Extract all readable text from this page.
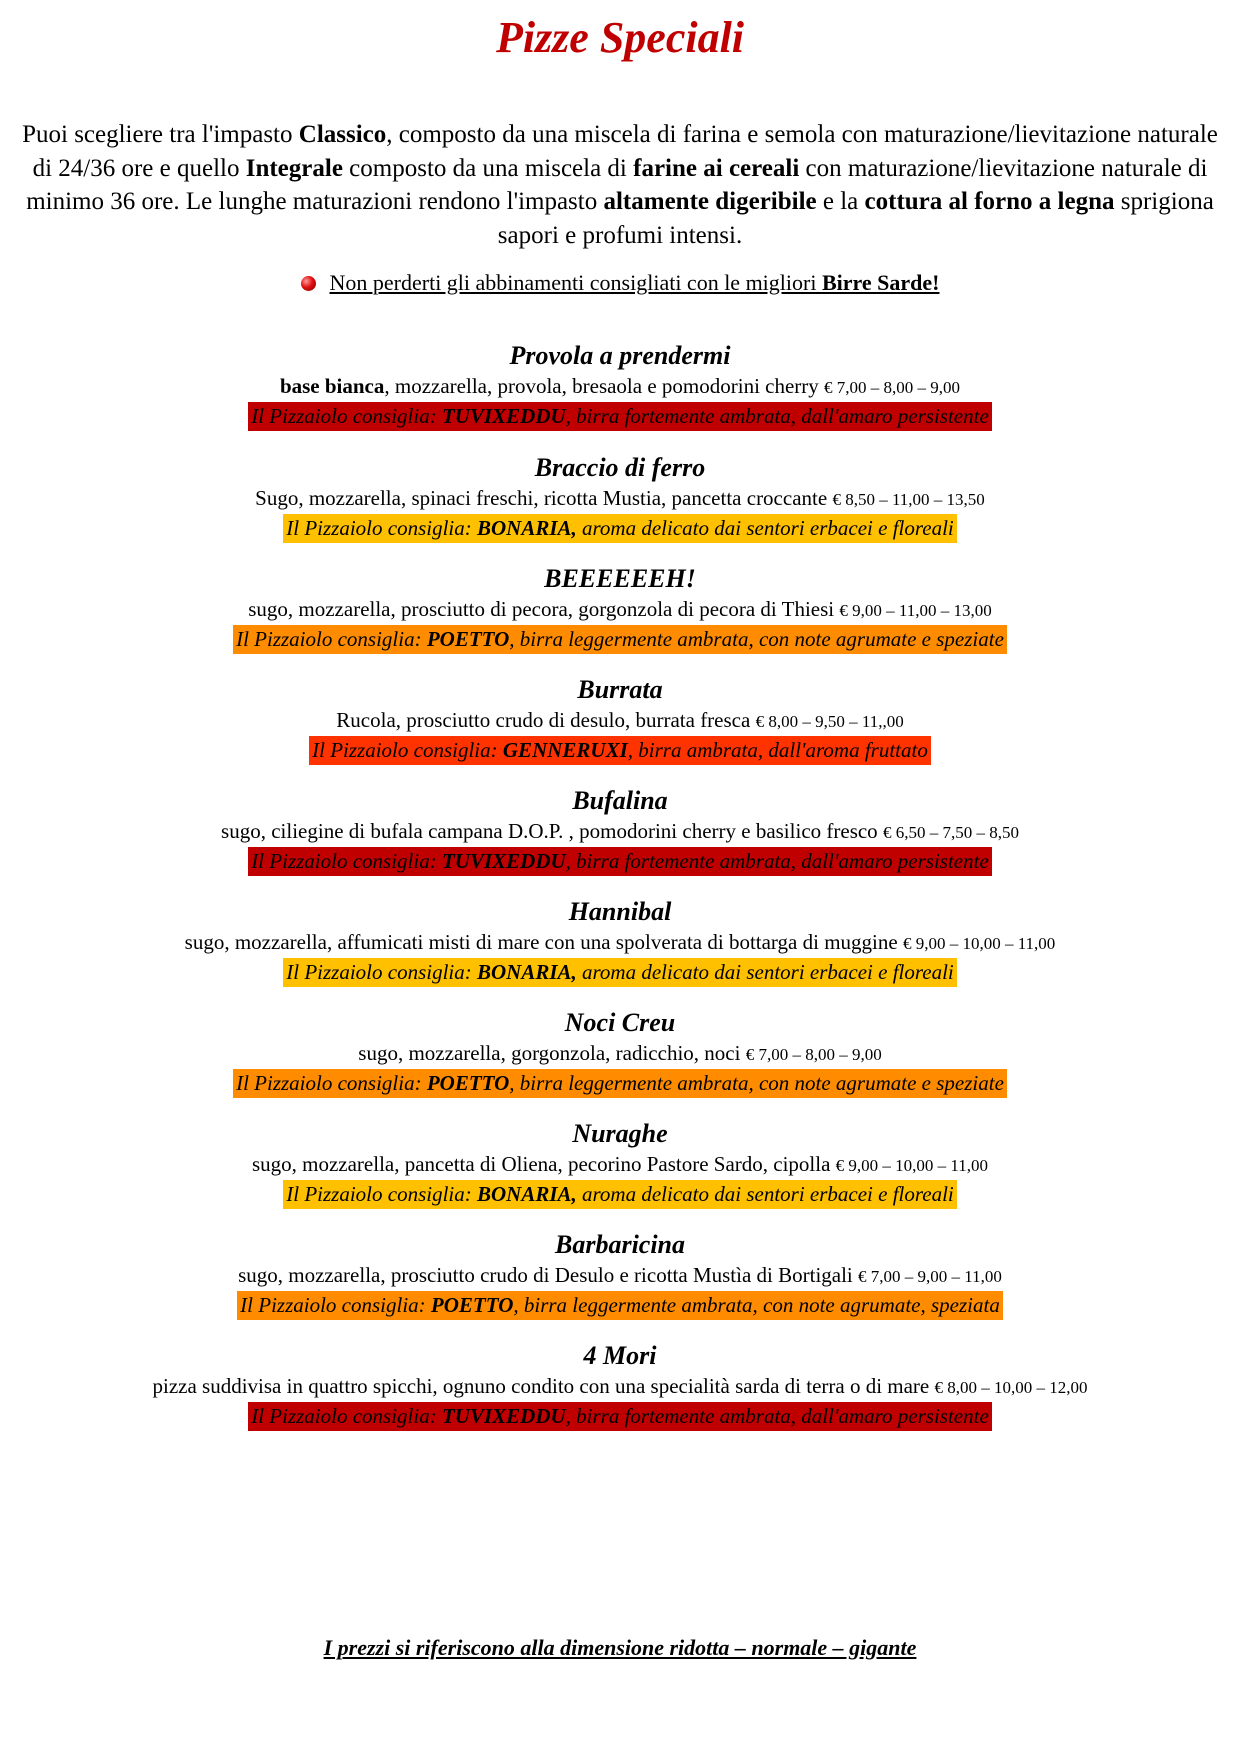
Pizze Speciali
Puoi scegliere tra l'impasto Classico, composto da una miscela di farina e semola con maturazione/lievitazione naturale di 24/36 ore e quello Integrale composto da una miscela di farine ai cereali con maturazione/lievitazione naturale di minimo 36 ore. Le lunghe maturazioni rendono l'impasto altamente digeribile e la cottura al forno a legna sprigiona sapori e profumi intensi.
Non perderti gli abbinamenti consigliati con le migliori Birre Sarde!
Provola a prendermi
base bianca, mozzarella, provola, bresaola e pomodorini cherry € 7,00 – 8,00 – 9,00
Il Pizzaiolo consiglia: TUVIXEDDU, birra fortemente ambrata, dall'amaro persistente
Braccio di ferro
Sugo, mozzarella, spinaci freschi, ricotta Mustia, pancetta croccante € 8,50 – 11,00 – 13,50
Il Pizzaiolo consiglia: BONARIA, aroma delicato dai sentori erbacei e floreali
BEEEEEEH!
sugo, mozzarella, prosciutto di pecora, gorgonzola di pecora di Thiesi € 9,00 – 11,00 – 13,00
Il Pizzaiolo consiglia: POETTO, birra leggermente ambrata, con note agrumate e speziate
Burrata
Rucola, prosciutto crudo di desulo, burrata fresca € 8,00 – 9,50 – 11,,00
Il Pizzaiolo consiglia: GENNERUXI, birra ambrata, dall'aroma fruttato
Bufalina
sugo, ciliegine di bufala campana D.O.P. , pomodorini cherry e basilico fresco € 6,50 – 7,50 – 8,50
Il Pizzaiolo consiglia: TUVIXEDDU, birra fortemente ambrata, dall'amaro persistente
Hannibal
sugo, mozzarella, affumicati misti di mare con una spolverata di bottarga di muggine € 9,00 – 10,00 – 11,00
Il Pizzaiolo consiglia: BONARIA, aroma delicato dai sentori erbacei e floreali
Noci Creu
sugo, mozzarella, gorgonzola, radicchio, noci € 7,00 – 8,00 – 9,00
Il Pizzaiolo consiglia: POETTO, birra leggermente ambrata, con note agrumate e speziate
Nuraghe
sugo, mozzarella, pancetta di Oliena, pecorino Pastore Sardo, cipolla € 9,00 – 10,00 – 11,00
Il Pizzaiolo consiglia: BONARIA, aroma delicato dai sentori erbacei e floreali
Barbaricina
sugo, mozzarella, prosciutto crudo di Desulo e ricotta Mustìa di Bortigali € 7,00 – 9,00 – 11,00
Il Pizzaiolo consiglia: POETTO, birra leggermente ambrata, con note agrumate, speziata
4 Mori
pizza suddivisa in quattro spicchi, ognuno condito con una specialità sarda di terra o di mare € 8,00 – 10,00 – 12,00
Il Pizzaiolo consiglia: TUVIXEDDU, birra fortemente ambrata, dall'amaro persistente
I prezzi si riferiscono alla dimensione ridotta – normale – gigante
